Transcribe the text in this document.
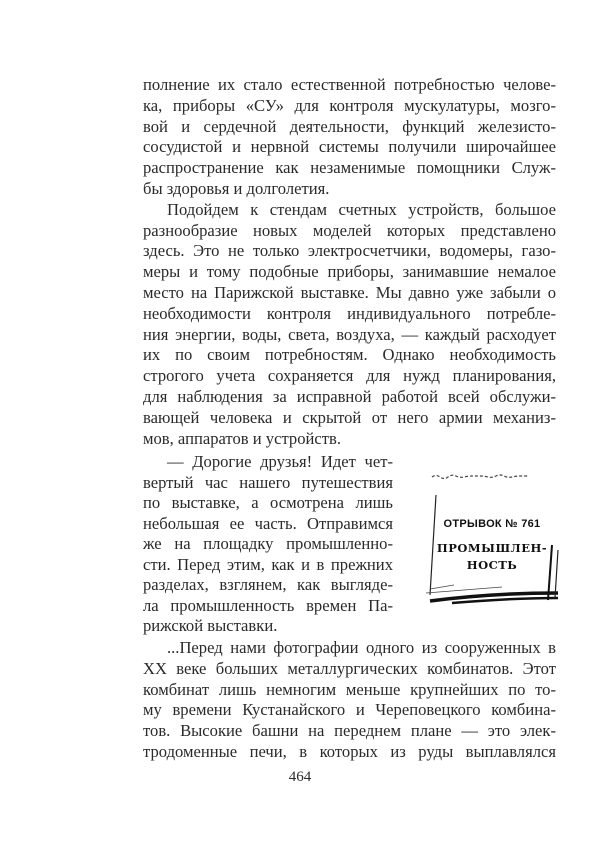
полнение их стало естественной потребностью челове-
ка, приборы «СУ» для контроля мускулатуры, мозго-
вой и сердечной деятельности, функций железисто-
сосудистой и нервной системы получили широчайшее
распространение как незаменимые помощники Служ-
бы здоровья и долголетия.
Подойдем к стендам счетных устройств, большое
разнообразие новых моделей которых представлено
здесь. Это не только электросчетчики, водомеры, газо-
меры и тому подобные приборы, занимавшие немалое
место на Парижской выставке. Мы давно уже забыли о
необходимости контроля индивидуального потребле-
ния энергии, воды, света, воздуха, — каждый расходует
их по своим потребностям. Однако необходимость
строгого учета сохраняется для нужд планирования,
для наблюдения за исправной работой всей обслужи-
вающей человека и скрытой от него армии механиз-
мов, аппаратов и устройств.
— Дорогие друзья! Идет чет-
вертый час нашего путешествия
по выставке, а осмотрена лишь
небольшая ее часть. Отправимся
же на площадку промышленно-
сти. Перед этим, как и в прежних
разделах, взглянем, как выгляде-
ла промышленность времен Па-
рижской выставки.
ОТРЫВОК № 761
ПРОМЫШЛЕН-
НОСТЬ
...Перед нами фотографии одного из сооруженных в
XX веке больших металлургических комбинатов. Этот
комбинат лишь немногим меньше крупнейших по то-
му времени Кустанайского и Череповецкого комбина-
тов. Высокие башни на переднем плане — это элек-
тродоменные печи, в которых из руды выплавлялся
464
